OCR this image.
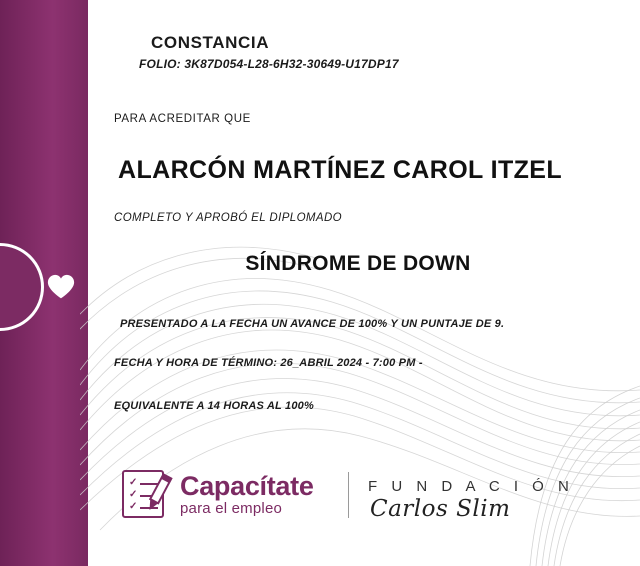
CONSTANCIA
FOLIO: 3K87D054-L28-6H32-30649-U17DP17
PARA ACREDITAR QUE
ALARCÓN MARTÍNEZ CAROL ITZEL
COMPLETO Y APROBÓ EL DIPLOMADO
SÍNDROME DE DOWN
PRESENTADO A LA FECHA UN AVANCE DE 100% Y UN PUNTAJE DE 9.
FECHA Y HORA DE TÉRMINO: 26_ABRIL 2024 - 7:00 PM -
EQUIVALENTE A 14 HORAS AL 100%
✓
✓
✓
Capacítate
para el empleo
F U N D A C I Ó N
Carlos Slim
